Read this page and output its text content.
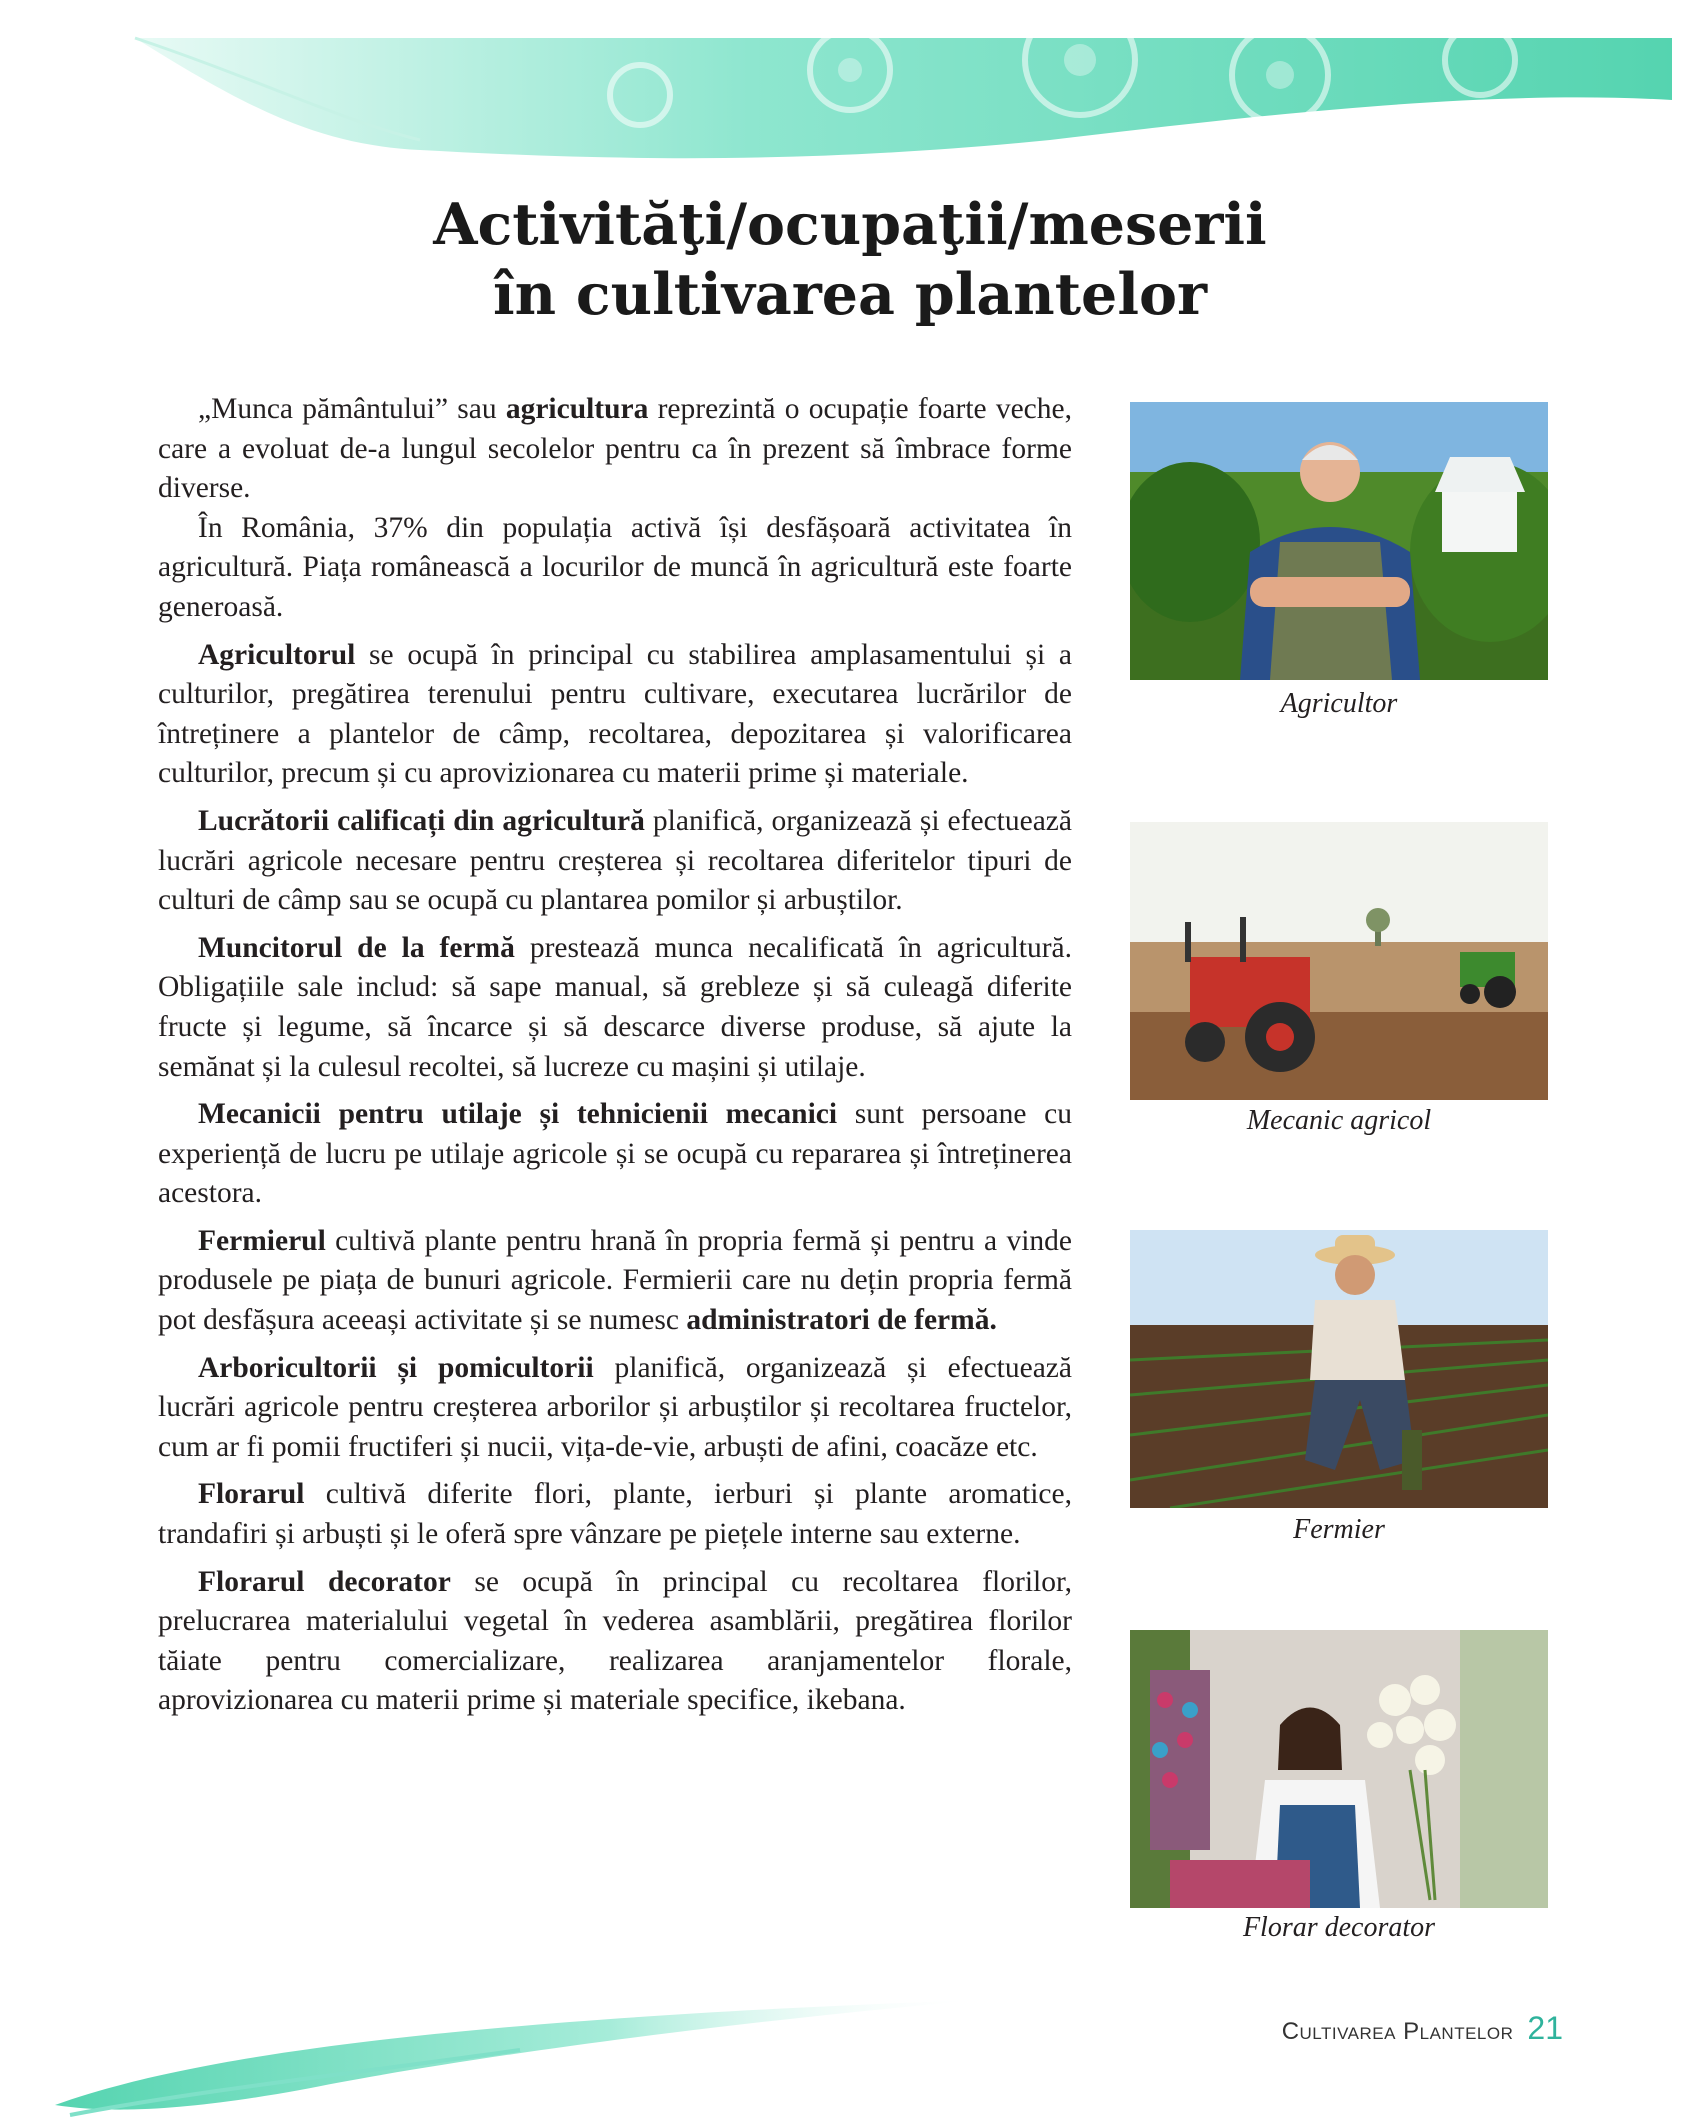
Activităţi/ocupaţii/meserii
în cultivarea plantelor

„Munca pământului” sau agricultura reprezintă o ocupație foarte veche, care a evoluat de-a lungul secolelor pentru ca în prezent să îmbrace forme diverse.

În România, 37% din populația activă își desfășoară activitatea în agricultură. Piața românească a locurilor de muncă în agricultură este foarte generoasă.

Agricultorul se ocupă în principal cu stabilirea amplasamentului și a culturilor, pregătirea terenului pentru cultivare, executarea lucrărilor de întreținere a plantelor de câmp, recoltarea, depozitarea și valorificarea culturilor, precum și cu aprovizionarea cu materii prime și materiale.

Lucrătorii calificați din agricultură planifică, organizează și efectuează lucrări agricole necesare pentru creșterea și recoltarea diferitelor tipuri de culturi de câmp sau se ocupă cu plantarea pomilor și arbuștilor.

Muncitorul de la fermă prestează munca necalificată în agricultură. Obligațiile sale includ: să sape manual, să grebleze și să culeagă diferite fructe și legume, să încarce și să descarce diverse produse, să ajute la semănat și la culesul recoltei, să lucreze cu mașini și utilaje.

Mecanicii pentru utilaje și tehnicienii mecanici sunt persoane cu experiență de lucru pe utilaje agricole și se ocupă cu repararea și întreținerea acestora.

Fermierul cultivă plante pentru hrană în propria fermă și pentru a vinde produsele pe piața de bunuri agricole. Fermierii care nu dețin propria fermă pot desfășura aceeași activitate și se numesc administratori de fermă.

Arboricultorii și pomicultorii planifică, organizează și efectuează lucrări agricole pentru creșterea arborilor și arbuștilor și recoltarea fructelor, cum ar fi pomii fructiferi și nucii, vița-de-vie, arbuști de afini, coacăze etc.

Florarul cultivă diferite flori, plante, ierburi și plante aromatice, trandafiri și arbuști și le oferă spre vânzare pe piețele interne sau externe.

Florarul decorator se ocupă în principal cu recoltarea florilor, prelucrarea materialului vegetal în vederea asamblării, pregătirea florilor tăiate pentru comercializare, realizarea aranjamentelor florale, aprovizionarea cu materii prime și materiale specifice, ikebana.

Agricultor
Mecanic agricol
Fermier
Florar decorator
Cultivarea Plantelor 21
